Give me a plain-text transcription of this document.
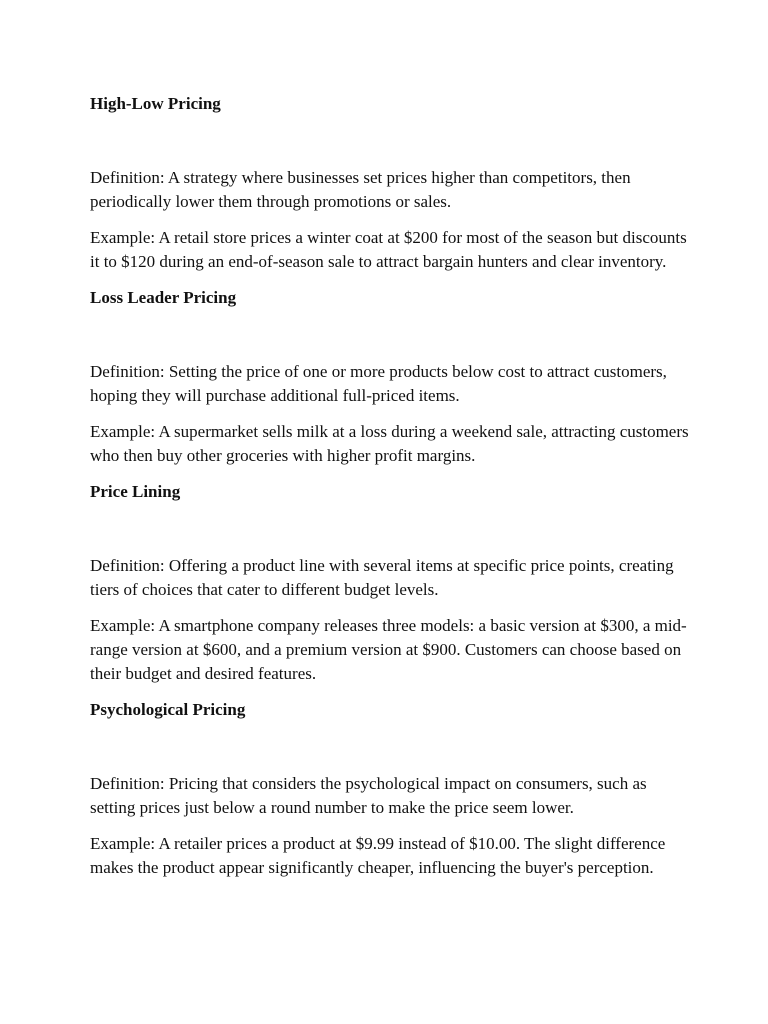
High-Low Pricing

Definition: A strategy where businesses set prices higher than competitors, then periodically lower them through promotions or sales.

Example: A retail store prices a winter coat at $200 for most of the season but discounts it to $120 during an end-of-season sale to attract bargain hunters and clear inventory.

Loss Leader Pricing

Definition: Setting the price of one or more products below cost to attract customers, hoping they will purchase additional full-priced items.

Example: A supermarket sells milk at a loss during a weekend sale, attracting customers who then buy other groceries with higher profit margins.

Price Lining

Definition: Offering a product line with several items at specific price points, creating tiers of choices that cater to different budget levels.

Example: A smartphone company releases three models: a basic version at $300, a mid-range version at $600, and a premium version at $900. Customers can choose based on their budget and desired features.

Psychological Pricing

Definition: Pricing that considers the psychological impact on consumers, such as setting prices just below a round number to make the price seem lower.

Example: A retailer prices a product at $9.99 instead of $10.00. The slight difference makes the product appear significantly cheaper, influencing the buyer's perception.
